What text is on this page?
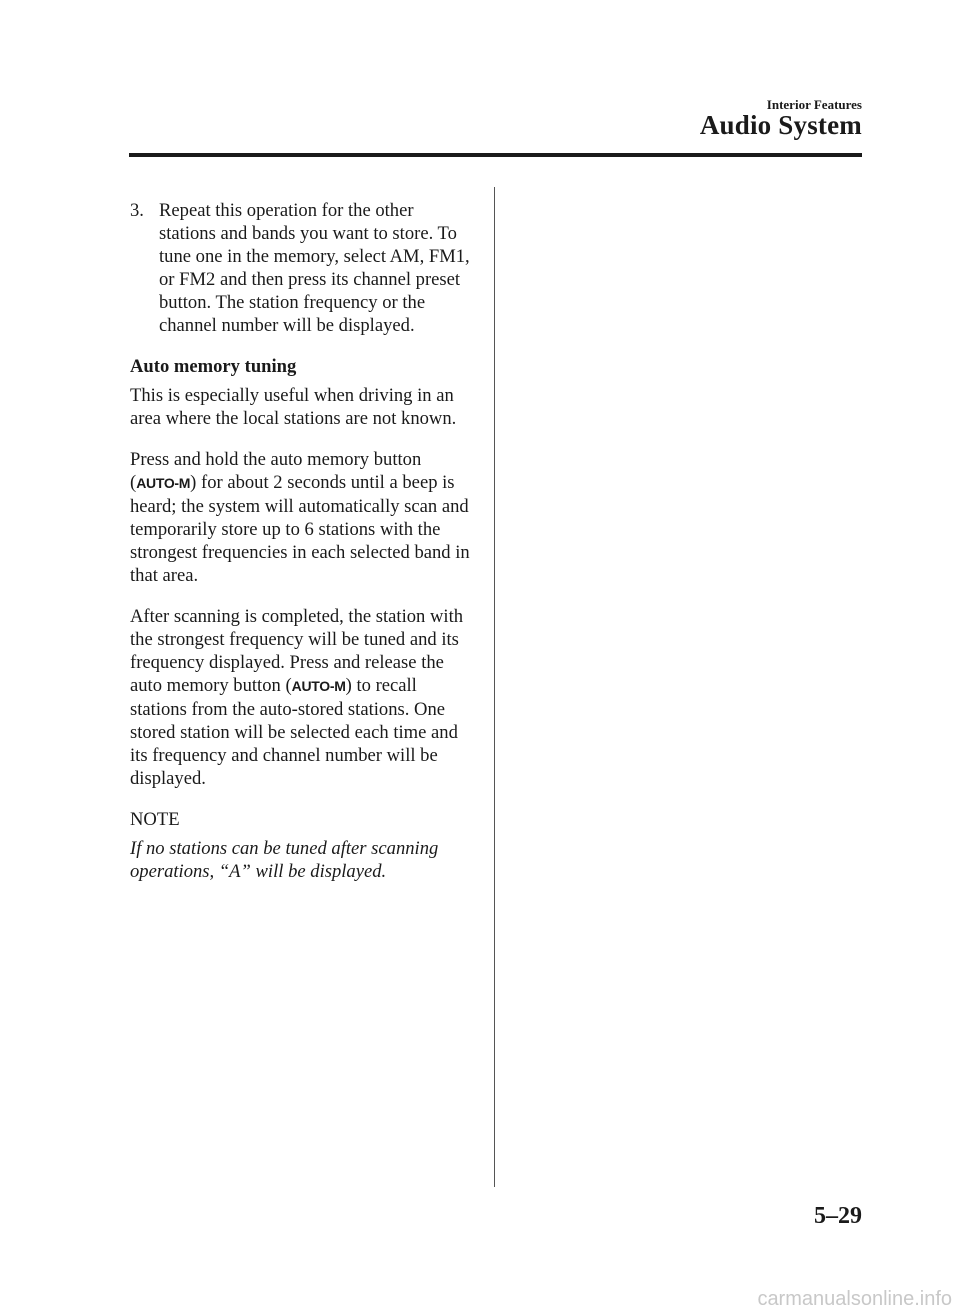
Interior Features
Audio System
3. Repeat this operation for the other stations and bands you want to store. To tune one in the memory, select AM, FM1, or FM2 and then press its channel preset button. The station frequency or the channel number will be displayed.
Auto memory tuning

This is especially useful when driving in an area where the local stations are not known.

Press and hold the auto memory button
(AUTO-M) for about 2 seconds until a beep is heard; the system will automatically scan and temporarily store up to 6 stations with the strongest frequencies in each selected band in that area.

After scanning is completed, the station with the strongest frequency will be tuned and its frequency displayed. Press and release the auto memory button (AUTO-M) to recall stations from the auto-stored stations. One stored station will be selected each time and its frequency and channel number will be displayed.

NOTE

If no stations can be tuned after scanning operations, “A” will be displayed.

5–29
carmanualsonline.info
